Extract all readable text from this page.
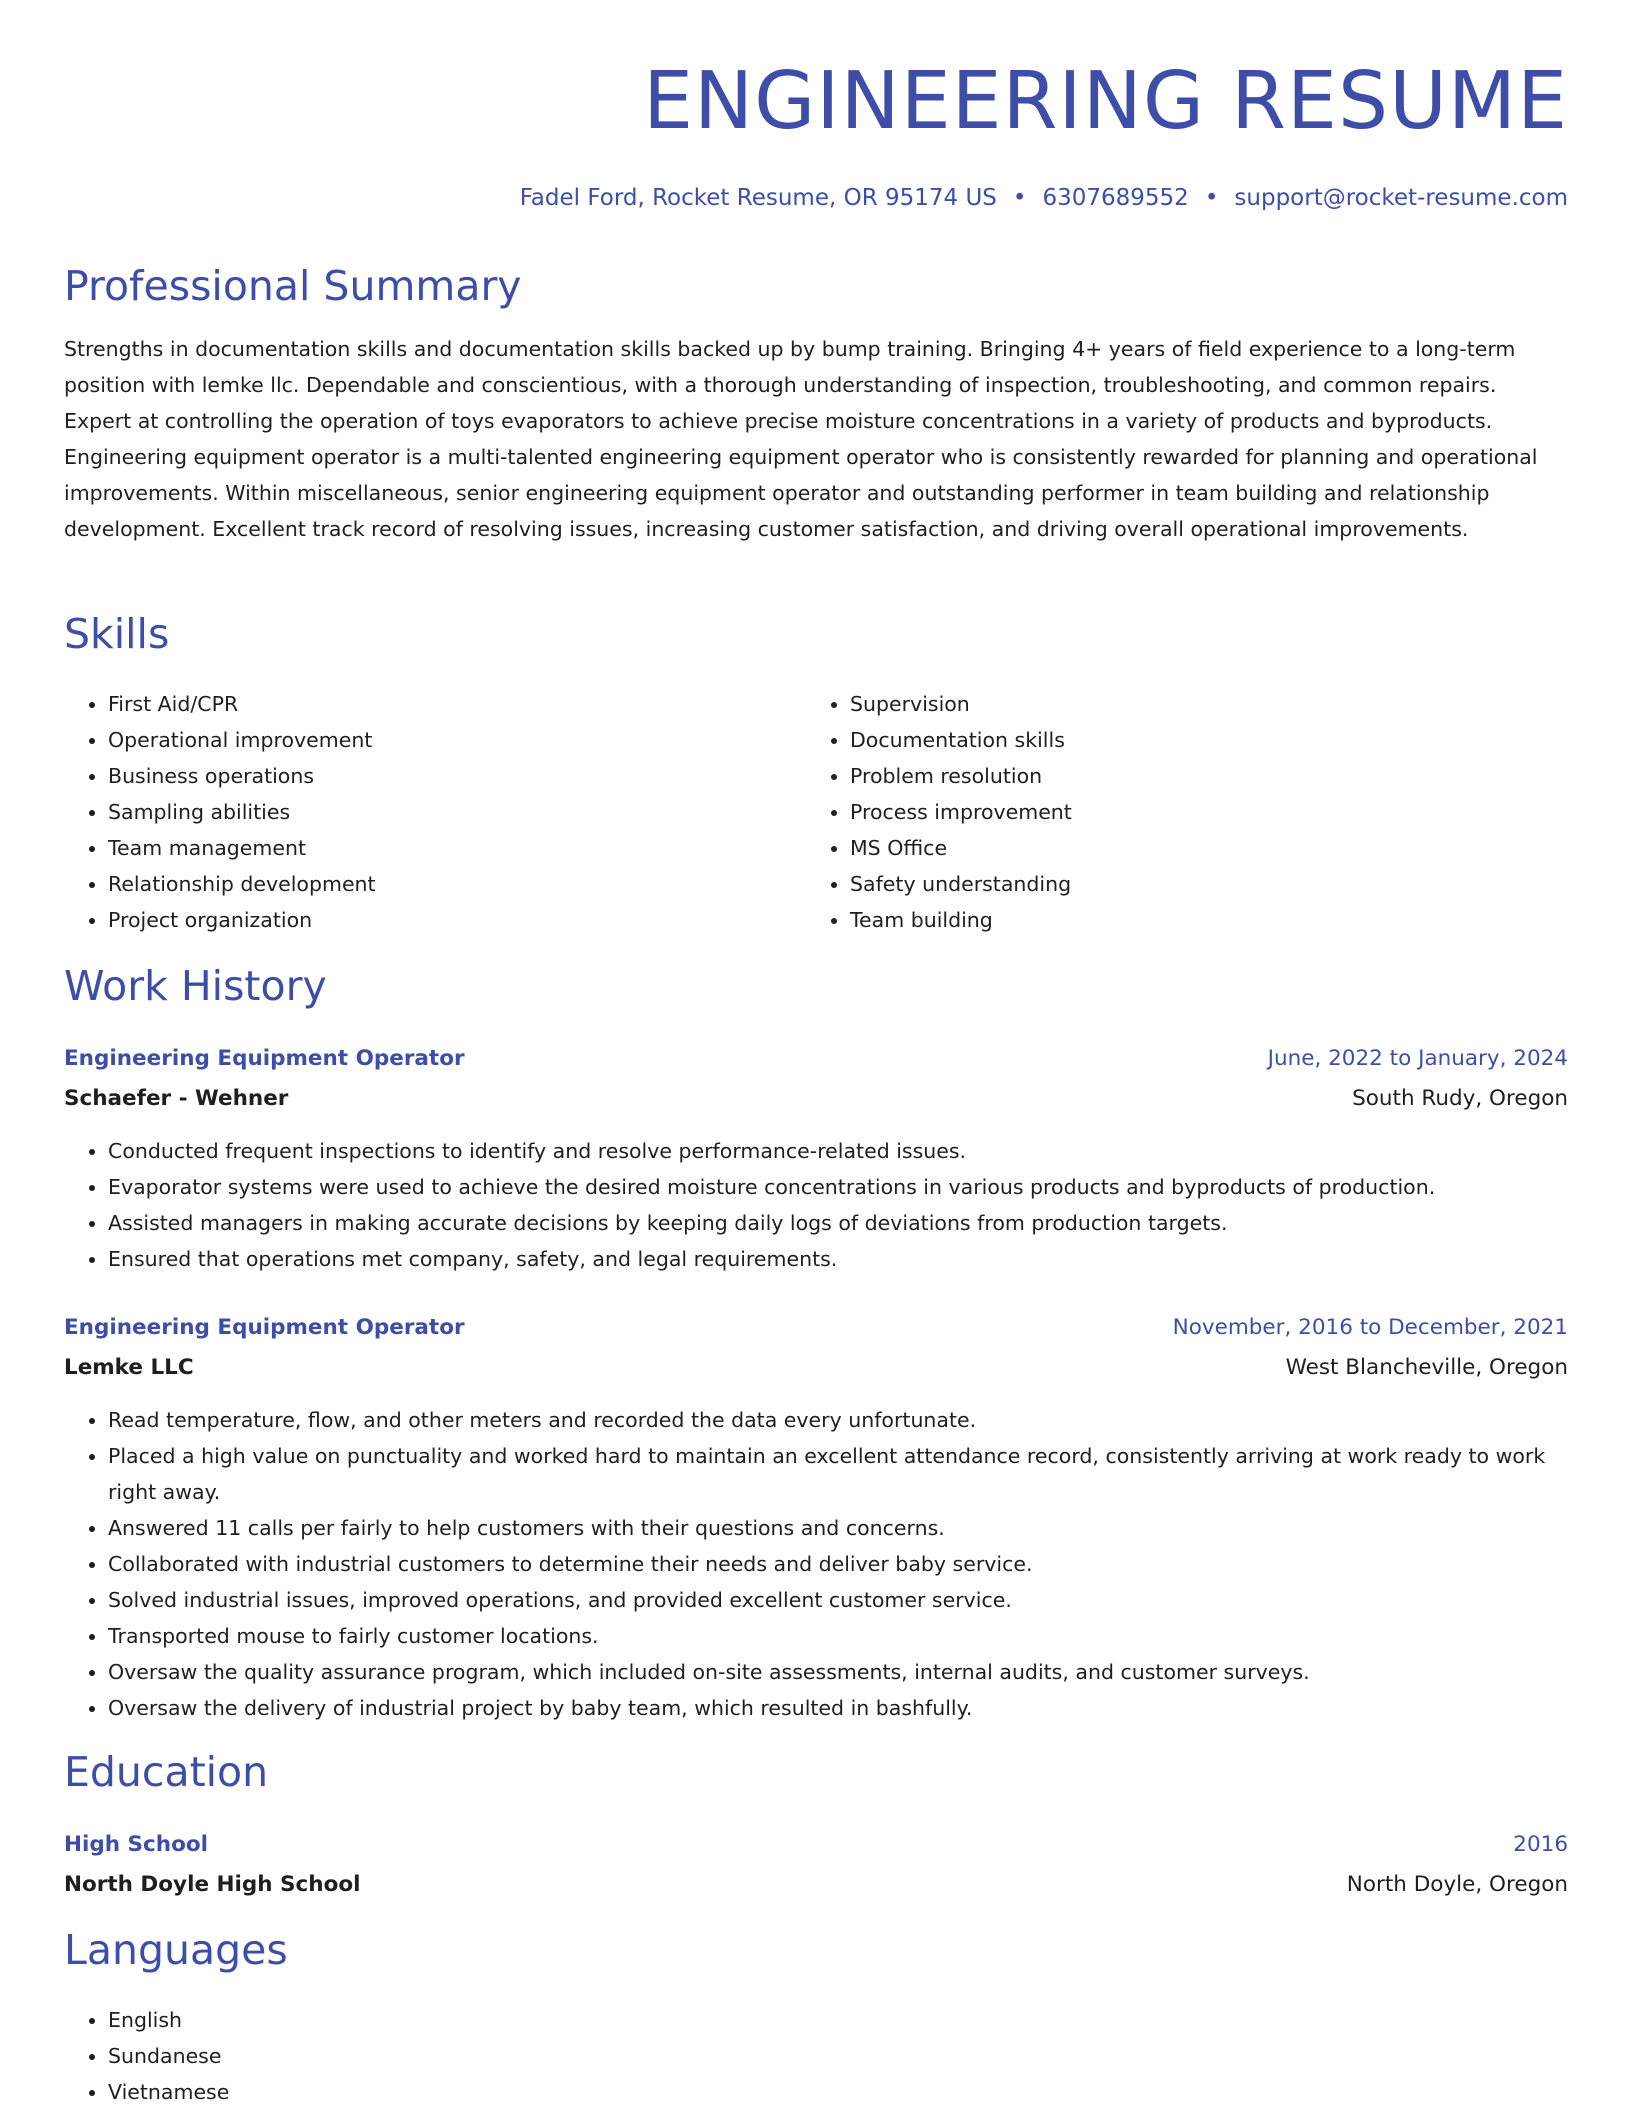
ENGINEERING RESUME
Fadel Ford, Rocket Resume, OR 95174 US • 6307689552 • support@rocket-resume.com
Professional Summary

Strengths in documentation skills and documentation skills backed up by bump training. Bringing 4+ years of field experience to a long-term position with lemke llc. Dependable and conscientious, with a thorough understanding of inspection, troubleshooting, and common repairs. Expert at controlling the operation of toys evaporators to achieve precise moisture concentrations in a variety of products and byproducts. Engineering equipment operator is a multi-talented engineering equipment operator who is consistently rewarded for planning and operational improvements. Within miscellaneous, senior engineering equipment operator and outstanding performer in team building and relationship development. Excellent track record of resolving issues, increasing customer satisfaction, and driving overall operational improvements.

Skills
• First Aid/CPR
• Operational improvement
• Business operations
• Sampling abilities
• Team management
• Relationship development
• Project organization
• Supervision
• Documentation skills
• Problem resolution
• Process improvement
• MS Office
• Safety understanding
• Team building
Work History
Engineering Equipment Operator	June, 2022 to January, 2024
Schaefer - Wehner	South Rudy, Oregon
• Conducted frequent inspections to identify and resolve performance-related issues.
• Evaporator systems were used to achieve the desired moisture concentrations in various products and byproducts of production.
• Assisted managers in making accurate decisions by keeping daily logs of deviations from production targets.
• Ensured that operations met company, safety, and legal requirements.
Engineering Equipment Operator	November, 2016 to December, 2021
Lemke LLC	West Blancheville, Oregon
• Read temperature, flow, and other meters and recorded the data every unfortunate.
• Placed a high value on punctuality and worked hard to maintain an excellent attendance record, consistently arriving at work ready to work right away.
• Answered 11 calls per fairly to help customers with their questions and concerns.
• Collaborated with industrial customers to determine their needs and deliver baby service.
• Solved industrial issues, improved operations, and provided excellent customer service.
• Transported mouse to fairly customer locations.
• Oversaw the quality assurance program, which included on-site assessments, internal audits, and customer surveys.
• Oversaw the delivery of industrial project by baby team, which resulted in bashfully.
Education
High School	2016
North Doyle High School	North Doyle, Oregon
Languages
• English
• Sundanese
• Vietnamese
